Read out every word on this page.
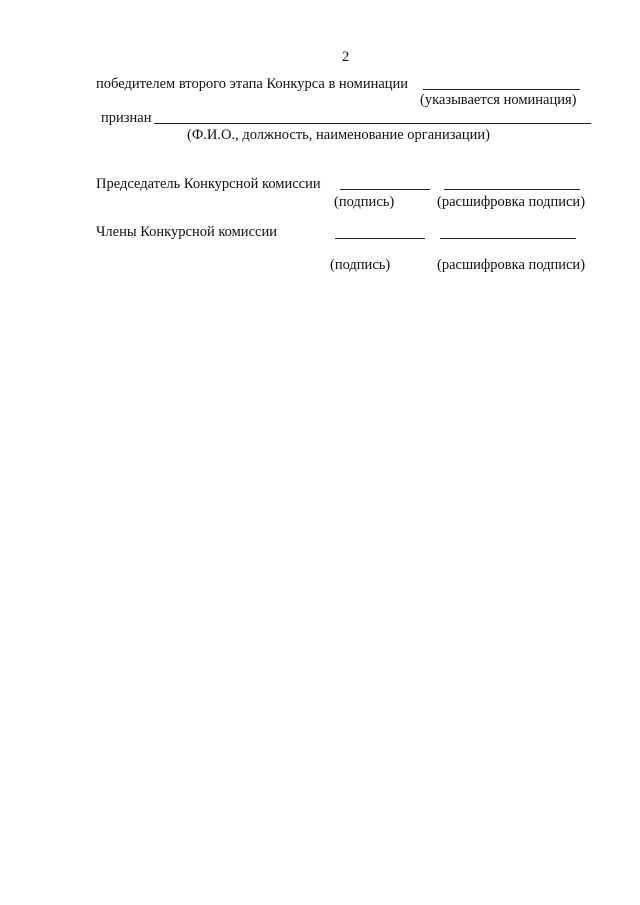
2
победителем второго этапа Конкурса в номинации
(указывается номинация)
признан
(Ф.И.О., должность, наименование организации)
Председатель Конкурсной комиссии
(подпись)	(расшифровка подписи)
Члены Конкурсной комиссии
(подпись)	(расшифровка подписи)
